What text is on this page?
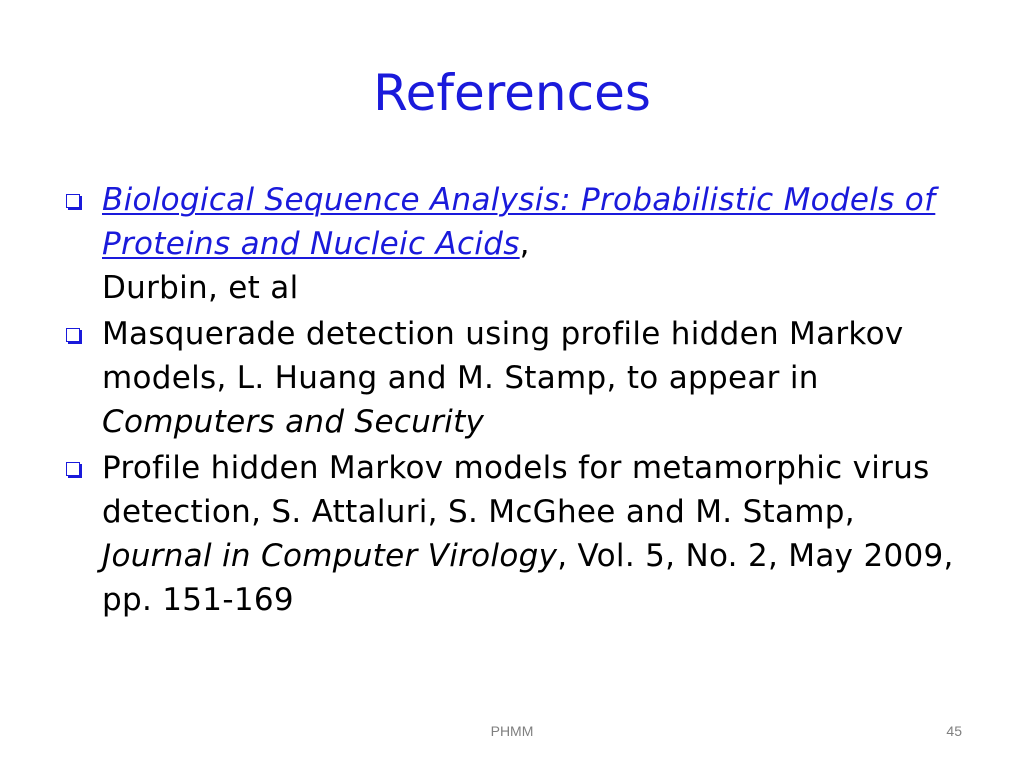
References
Biological Sequence Analysis: Probabilistic Models of Proteins and Nucleic Acids,
Durbin, et al
Masquerade detection using profile hidden Markov models, L. Huang and M. Stamp, to appear in Computers and Security
Profile hidden Markov models for metamorphic virus detection, S. Attaluri, S. McGhee and M. Stamp, Journal in Computer Virology, Vol. 5, No. 2, May 2009, pp. 151-169
PHMM	45
